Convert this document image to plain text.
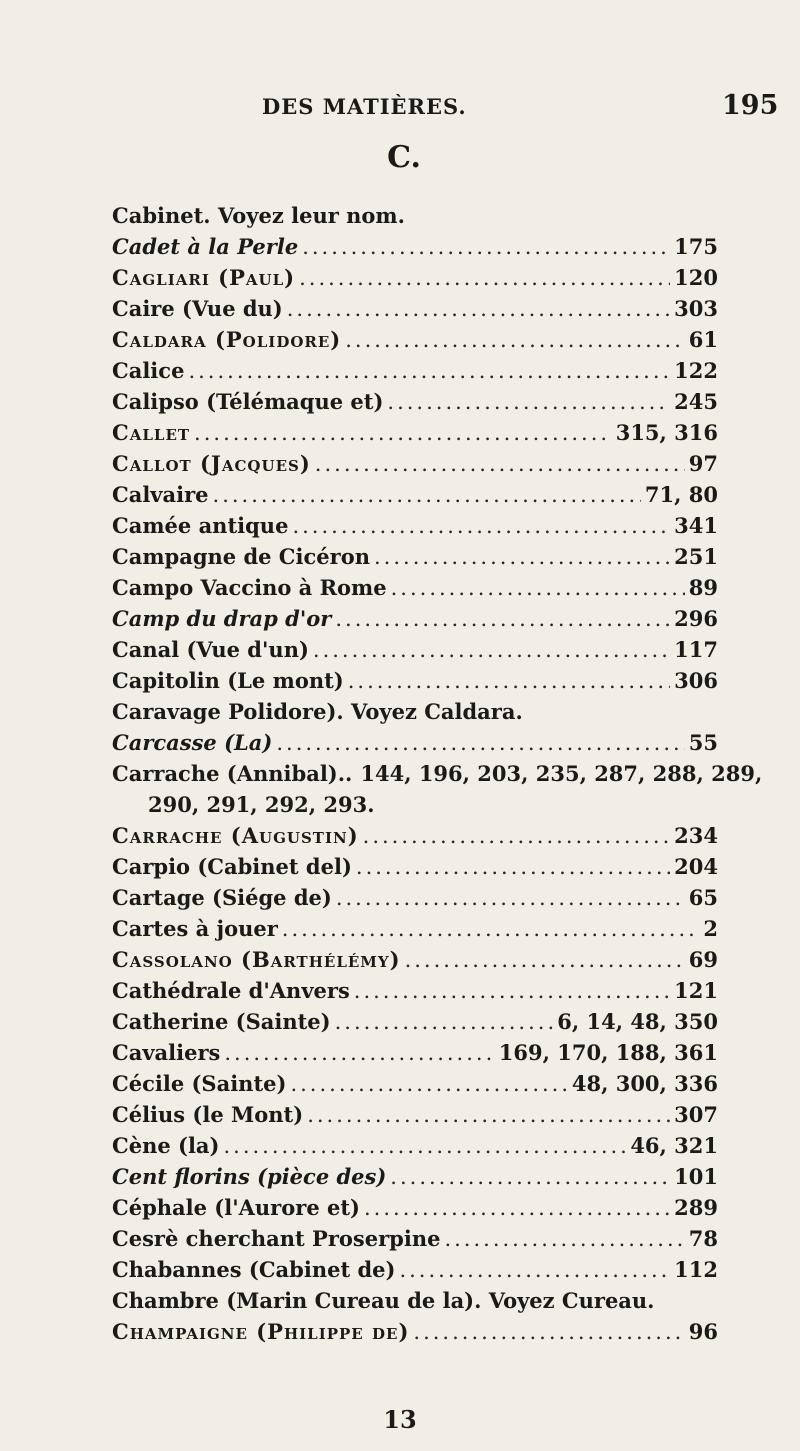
DES MATIÈRES.	195
C.
Cabinet. Voyez leur nom.
Cadet à la Perle .....	175
Cagliari (Paul) .....	120
Caire (Vue du) .....	303
Caldara (Polidore) .....	61
Calice .....	122
Calipso (Télémaque et) .....	245
Callet .....	315, 316
Callot (Jacques) .....	97
Calvaire .....	71, 80
Camée antique .....	341
Campagne de Cicéron .....	251
Campo Vaccino à Rome .....	89
Camp du drap d'or .....	296
Canal (Vue d'un) .....	117
Capitolin (Le mont) .....	306
Caravage Polidore). Voyez Caldara.
Carcasse (La) .....	55
Carrache (Annibal).. 144, 196, 203, 235, 287, 288, 289,
290, 291, 292, 293.
Carrache (Augustin) .....	234
Carpio (Cabinet del) .....	204
Cartage (Siége de) .....	65
Cartes à jouer .....	2
Cassolano (Barthélémy) .....	69
Cathédrale d'Anvers .....	121
Catherine (Sainte) .....	6, 14, 48, 350
Cavaliers .....	169, 170, 188, 361
Cécile (Sainte) .....	48, 300, 336
Célius (le Mont) .....	307
Cène (la) .....	46, 321
Cent florins (pièce des) .....	101
Céphale (l'Aurore et) .....	289
Cesrè cherchant Proserpine .....	78
Chabannes (Cabinet de) .....	112
Chambre (Marin Cureau de la). Voyez Cureau.
Champaigne (Philippe de) .....	96
13
